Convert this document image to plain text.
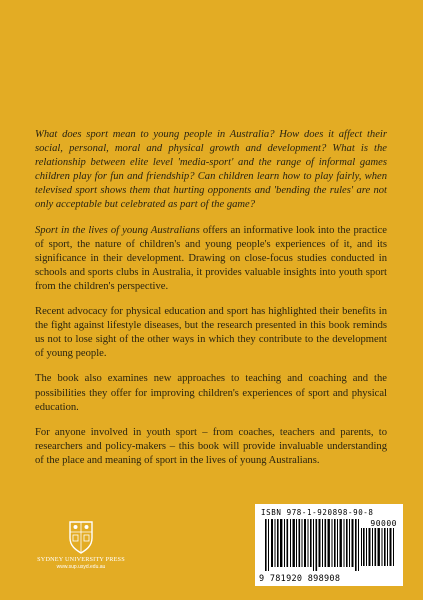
What does sport mean to young people in Australia? How does it affect their social, personal, moral and physical growth and development? What is the relationship between elite level 'media-sport' and the range of informal games children play for fun and friendship? Can children learn how to play fairly, when televised sport shows them that hurting opponents and 'bending the rules' are not only acceptable but celebrated as part of the game?

Sport in the lives of young Australians offers an informative look into the practice of sport, the nature of children's and young people's experiences of it, and its significance in their development. Drawing on close-focus studies conducted in schools and sports clubs in Australia, it provides valuable insights into youth sport from the children's perspective.

Recent advocacy for physical education and sport has highlighted their benefits in the fight against lifestyle diseases, but the research presented in this book reminds us not to lose sight of the other ways in which they contribute to the development of young people.

The book also examines new approaches to teaching and coaching and the possibilities they offer for improving children's experiences of sport and physical education.

For anyone involved in youth sport – from coaches, teachers and parents, to researchers and policy-makers – this book will provide invaluable understanding of the place and meaning of sport in the lives of young Australians.

SYDNEY UNIVERSITY PRESS
www.sup.usyd.edu.au
ISBN 978-1-920898-90-8
90000
9 781920 898908
